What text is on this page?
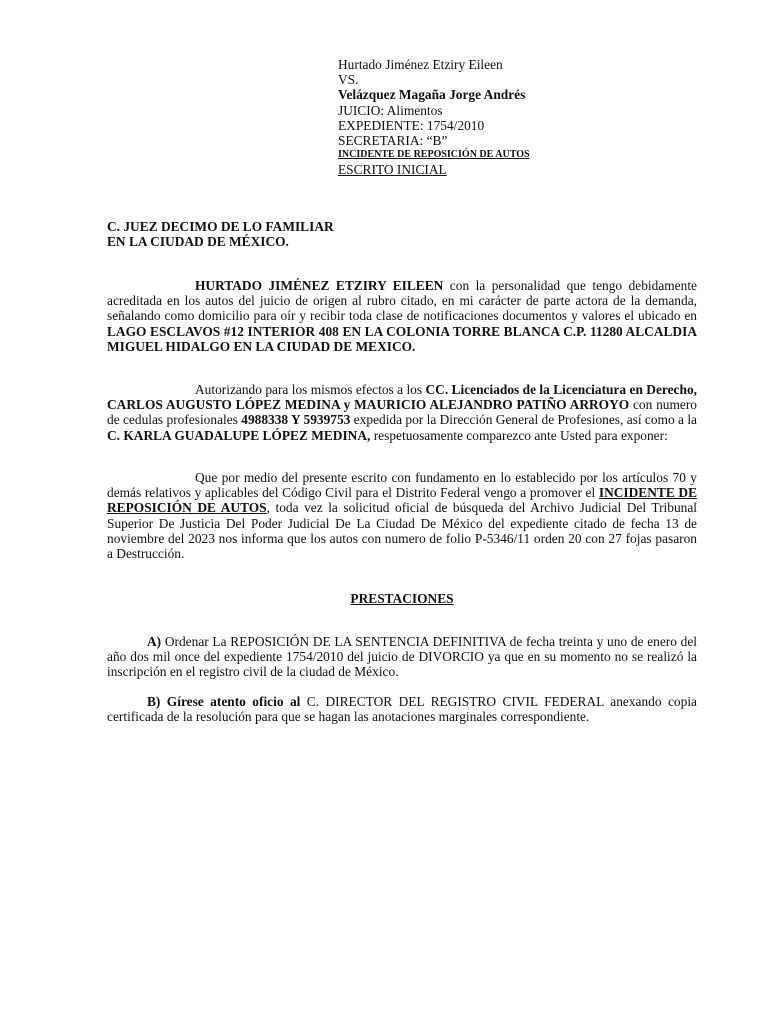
Hurtado Jiménez Etziry Eileen
VS.
Velázquez Magaña Jorge Andrés
JUICIO: Alimentos
EXPEDIENTE: 1754/2010
SECRETARIA: “B”
INCIDENTE DE REPOSICIÓN DE AUTOS
ESCRITO INICIAL
C. JUEZ DECIMO DE LO FAMILIAR
EN LA CIUDAD DE MÉXICO.
HURTADO JIMÉNEZ ETZIRY EILEEN con la personalidad que tengo debidamente acreditada en los autos del juicio de origen al rubro citado, en mi carácter de parte actora de la demanda, señalando como domicilio para oír y recibir toda clase de notificaciones documentos y valores el ubicado en LAGO ESCLAVOS #12 INTERIOR 408 EN LA COLONIA TORRE BLANCA C.P. 11280 ALCALDIA MIGUEL HIDALGO EN LA CIUDAD DE MEXICO.
Autorizando para los mismos efectos a los CC. Licenciados de la Licenciatura en Derecho, CARLOS AUGUSTO LÓPEZ MEDINA y MAURICIO ALEJANDRO PATIÑO ARROYO con numero de cedulas profesionales 4988338 Y 5939753 expedida por la Dirección General de Profesiones, así como a la C. KARLA GUADALUPE LÓPEZ MEDINA, respetuosamente comparezco ante Usted para exponer:
Que por medio del presente escrito con fundamento en lo establecido por los artículos 70 y demás relativos y aplicables del Código Civil para el Distrito Federal vengo a promover el INCIDENTE DE REPOSICIÓN DE AUTOS, toda vez la solicitud oficial de búsqueda del Archivo Judicial Del Tribunal Superior De Justicia Del Poder Judicial De La Ciudad De México del expediente citado de fecha 13 de noviembre del 2023 nos informa que los autos con numero de folio P-5346/11 orden 20 con 27 fojas pasaron a Destrucción.
PRESTACIONES
A) Ordenar La REPOSICIÓN DE LA SENTENCIA DEFINITIVA de fecha treinta y uno de enero del año dos mil once del expediente 1754/2010 del juicio de DIVORCIO ya que en su momento no se realizó la inscripción en el registro civil de la ciudad de México.
B) Gírese atento oficio al C. DIRECTOR DEL REGISTRO CIVIL FEDERAL anexando copia certificada de la resolución para que se hagan las anotaciones marginales correspondiente.
